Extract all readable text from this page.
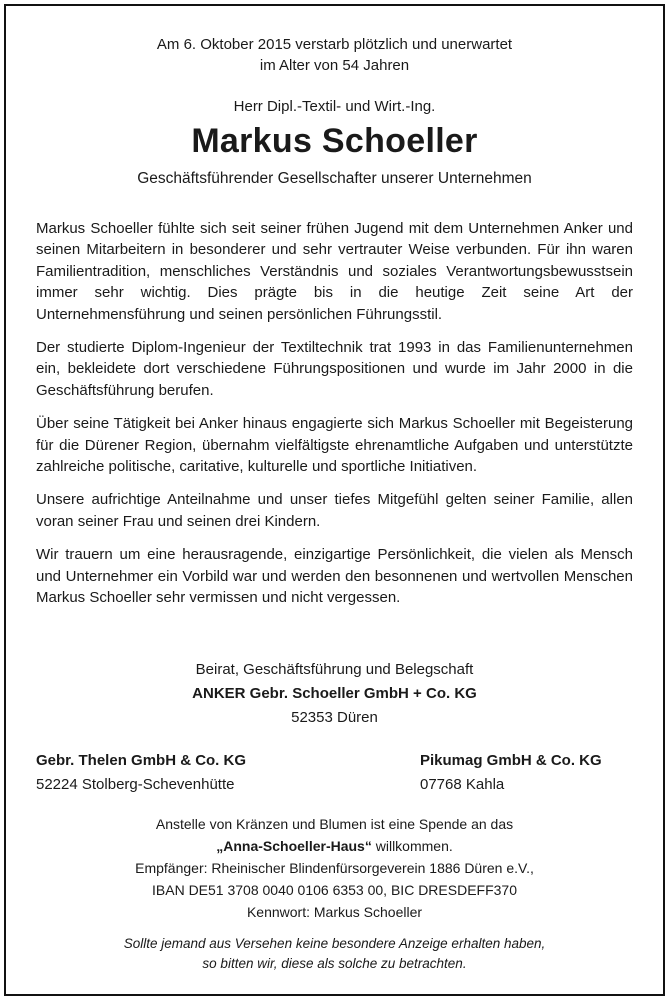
Am 6. Oktober 2015 verstarb plötzlich und unerwartet
im Alter von 54 Jahren
Herr Dipl.-Textil- und Wirt.-Ing.
Markus Schoeller
Geschäftsführender Gesellschafter unserer Unternehmen

Markus Schoeller fühlte sich seit seiner frühen Jugend mit dem Unternehmen Anker und seinen Mitarbeitern in besonderer und sehr vertrauter Weise verbunden. Für ihn waren Familientradition, menschliches Verständnis und soziales Verantwortungsbewusstsein immer sehr wichtig. Dies prägte bis in die heutige Zeit seine Art der Unternehmensführung und seinen persönlichen Führungsstil.

Der studierte Diplom-Ingenieur der Textiltechnik trat 1993 in das Familienunternehmen ein, bekleidete dort verschiedene Führungspositionen und wurde im Jahr 2000 in die Geschäftsführung berufen.

Über seine Tätigkeit bei Anker hinaus engagierte sich Markus Schoeller mit Begeisterung für die Dürener Region, übernahm vielfältigste ehrenamtliche Aufgaben und unterstützte zahlreiche politische, caritative, kulturelle und sportliche Initiativen.

Unsere aufrichtige Anteilnahme und unser tiefes Mitgefühl gelten seiner Familie, allen voran seiner Frau und seinen drei Kindern.

Wir trauern um eine herausragende, einzigartige Persönlichkeit, die vielen als Mensch und Unternehmer ein Vorbild war und werden den besonnenen und wertvollen Menschen Markus Schoeller sehr vermissen und nicht vergessen.

Beirat, Geschäftsführung und Belegschaft
ANKER Gebr. Schoeller GmbH + Co. KG
52353 Düren
Gebr. Thelen GmbH & Co. KG
52224 Stolberg-Schevenhütte
Pikumag GmbH & Co. KG
07768 Kahla
Anstelle von Kränzen und Blumen ist eine Spende an das
„Anna-Schoeller-Haus“ willkommen.
Empfänger: Rheinischer Blindenfürsorgeverein 1886 Düren e.V.,
IBAN DE51 3708 0040 0106 6353 00, BIC DRESDEFF370
Kennwort: Markus Schoeller
Sollte jemand aus Versehen keine besondere Anzeige erhalten haben,
so bitten wir, diese als solche zu betrachten.
